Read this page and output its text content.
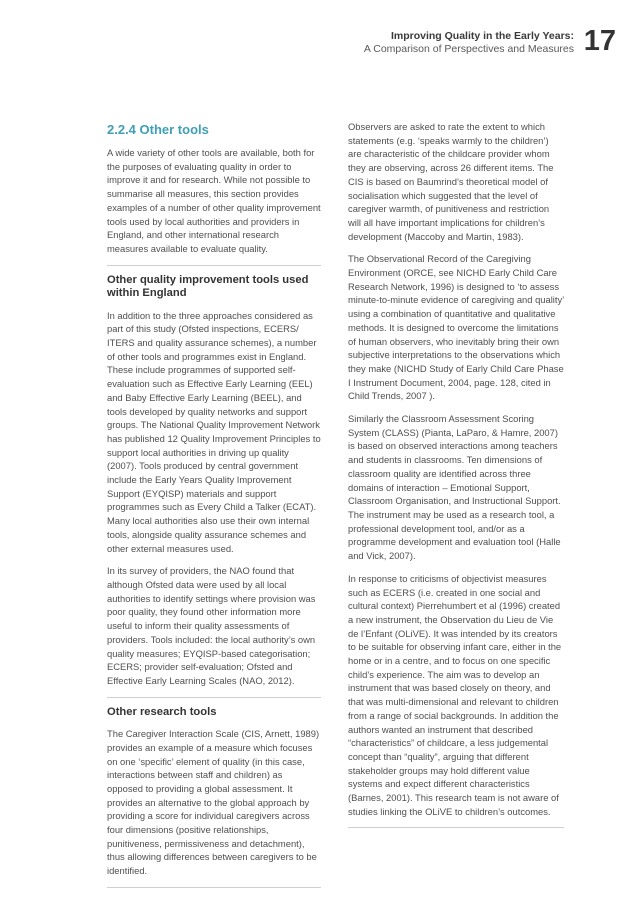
Improving Quality in the Early Years:
A Comparison of Perspectives and Measures 17
2.2.4 Other tools

A wide variety of other tools are available, both for the purposes of evaluating quality in order to improve it and for research. While not possible to summarise all measures, this section provides examples of a number of other quality improvement tools used by local authorities and providers in England, and other international research measures available to evaluate quality.

Other quality improvement tools used within England

In addition to the three approaches considered as part of this study (Ofsted inspections, ECERS/ ITERS and quality assurance schemes), a number of other tools and programmes exist in England. These include programmes of supported self-evaluation such as Effective Early Learning (EEL) and Baby Effective Early Learning (BEEL), and tools developed by quality networks and support groups. The National Quality Improvement Network has published 12 Quality Improvement Principles to support local authorities in driving up quality (2007). Tools produced by central government include the Early Years Quality Improvement Support (EYQISP) materials and support programmes such as Every Child a Talker (ECAT). Many local authorities also use their own internal tools, alongside quality assurance schemes and other external measures used.

In its survey of providers, the NAO found that although Ofsted data were used by all local authorities to identify settings where provision was poor quality, they found other information more useful to inform their quality assessments of providers. Tools included: the local authority’s own quality measures; EYQISP-based categorisation; ECERS; provider self-evaluation; Ofsted and Effective Early Learning Scales (NAO, 2012).

Other research tools

The Caregiver Interaction Scale (CIS, Arnett, 1989) provides an example of a measure which focuses on one ‘specific’ element of quality (in this case, interactions between staff and children) as opposed to providing a global assessment. It provides an alternative to the global approach by providing a score for individual caregivers across four dimensions (positive relationships, punitiveness, permissiveness and detachment), thus allowing differences between caregivers to be identified.

Observers are asked to rate the extent to which statements (e.g. ‘speaks warmly to the children’) are characteristic of the childcare provider whom they are observing, across 26 different items. The CIS is based on Baumrind’s theoretical model of socialisation which suggested that the level of caregiver warmth, of punitiveness and restriction will all have important implications for children’s development (Maccoby and Martin, 1983).

The Observational Record of the Caregiving Environment (ORCE, see NICHD Early Child Care Research Network, 1996) is designed to ‘to assess minute-to-minute evidence of caregiving and quality’ using a combination of quantitative and qualitative methods. It is designed to overcome the limitations of human observers, who inevitably bring their own subjective interpretations to the observations which they make (NICHD Study of Early Child Care Phase I Instrument Document, 2004, page. 128, cited in Child Trends, 2007 ).

Similarly the Classroom Assessment Scoring System (CLASS) (Pianta, LaParo, & Hamre, 2007) is based on observed interactions among teachers and students in classrooms. Ten dimensions of classroom quality are identified across three domains of interaction – Emotional Support, Classroom Organisation, and Instructional Support. The instrument may be used as a research tool, a professional development tool, and/or as a programme development and evaluation tool (Halle and Vick, 2007).

In response to criticisms of objectivist measures such as ECERS (i.e. created in one social and cultural context) Pierrehumbert et al (1996) created a new instrument, the Observation du Lieu de Vie de l’Enfant (OLiVE). It was intended by its creators to be suitable for observing infant care, either in the home or in a centre, and to focus on one specific child’s experience. The aim was to develop an instrument that was based closely on theory, and that was multi-dimensional and relevant to children from a range of social backgrounds. In addition the authors wanted an instrument that described “characteristics” of childcare, a less judgemental concept than “quality”, arguing that different stakeholder groups may hold different value systems and expect different characteristics (Barnes, 2001). This research team is not aware of studies linking the OLiVE to children’s outcomes.
